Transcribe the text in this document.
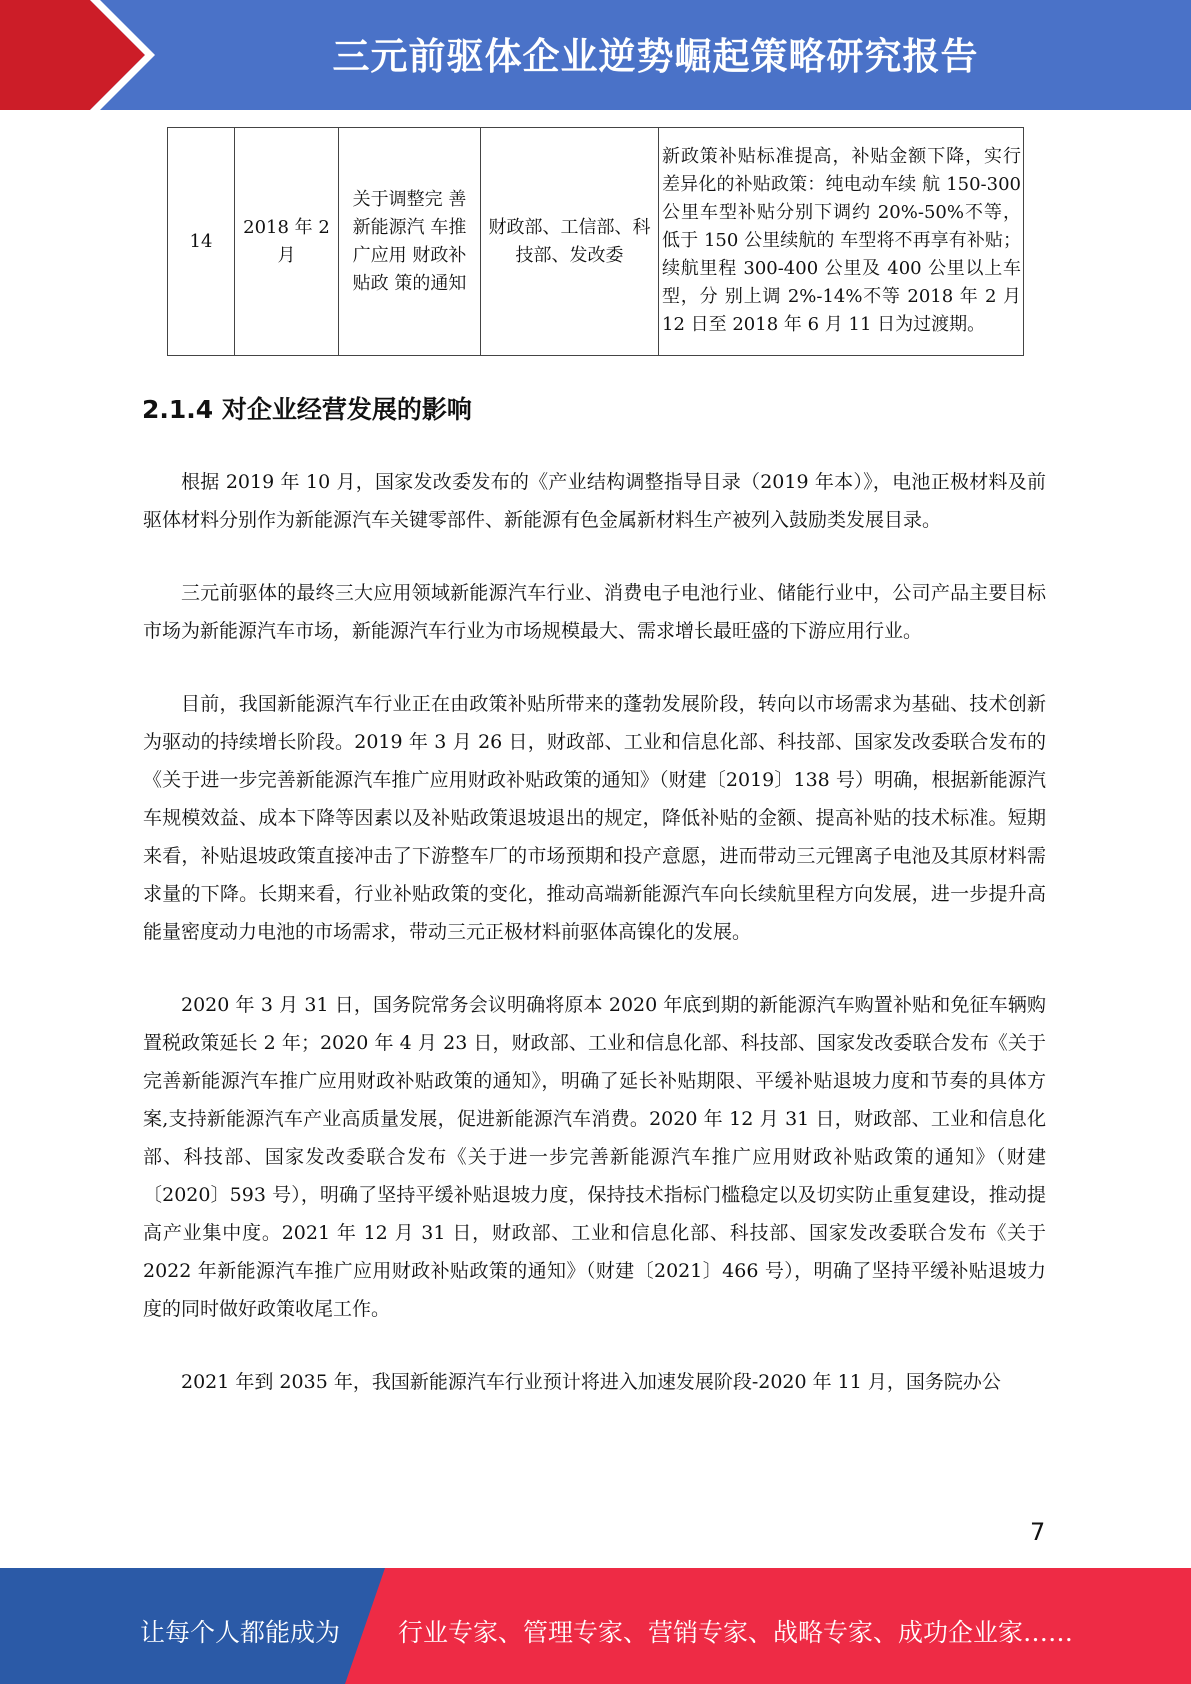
三元前驱体企业逆势崛起策略研究报告
14	2018 年 2 月	关于调整完 善新能源汽 车推广应用 财政补贴政 策的通知	财政部、工信部、科技部、发改委	新政策补贴标准提高，补贴金额下降，实行差异化的补贴政策：纯电动车续 航 150-300 公里车型补贴分别下调约 20%-50%不等，低于 150 公里续航的 车型将不再享有补贴；续航里程 300-400 公里及 400 公里以上车型，分 别上调 2%-14%不等 2018 年 2 月 12 日至 2018 年 6 月 11 日为过渡期。
2.1.4 对企业经营发展的影响

根据 2019 年 10 月，国家发改委发布的《产业结构调整指导目录（2019 年本）》，电池正极材料及前驱体材料分别作为新能源汽车关键零部件、新能源有色金属新材料生产被列入鼓励类发展目录。

三元前驱体的最终三大应用领域新能源汽车行业、消费电子电池行业、储能行业中，公司产品主要目标市场为新能源汽车市场，新能源汽车行业为市场规模最大、需求增长最旺盛的下游应用行业。

目前，我国新能源汽车行业正在由政策补贴所带来的蓬勃发展阶段，转向以市场需求为基础、技术创新为驱动的持续增长阶段。2019 年 3 月 26 日，财政部、工业和信息化部、科技部、国家发改委联合发布的《关于进一步完善新能源汽车推广应用财政补贴政策的通知》（财建〔2019〕138 号）明确，根据新能源汽车规模效益、成本下降等因素以及补贴政策退坡退出的规定，降低补贴的金额、提高补贴的技术标准。短期来看，补贴退坡政策直接冲击了下游整车厂的市场预期和投产意愿，进而带动三元锂离子电池及其原材料需求量的下降。长期来看，行业补贴政策的变化，推动高端新能源汽车向长续航里程方向发展，进一步提升高能量密度动力电池的市场需求，带动三元正极材料前驱体高镍化的发展。

2020 年 3 月 31 日，国务院常务会议明确将原本 2020 年底到期的新能源汽车购置补贴和免征车辆购置税政策延长 2 年；2020 年 4 月 23 日，财政部、工业和信息化部、科技部、国家发改委联合发布《关于完善新能源汽车推广应用财政补贴政策的通知》，明确了延长补贴期限、平缓补贴退坡力度和节奏的具体方案,支持新能源汽车产业高质量发展，促进新能源汽车消费。2020 年 12 月 31 日，财政部、工业和信息化部、科技部、国家发改委联合发布《关于进一步完善新能源汽车推广应用财政补贴政策的通知》（财建〔2020〕593 号），明确了坚持平缓补贴退坡力度，保持技术指标门槛稳定以及切实防止重复建设，推动提高产业集中度。2021 年 12 月 31 日，财政部、工业和信息化部、科技部、国家发改委联合发布《关于 2022 年新能源汽车推广应用财政补贴政策的通知》（财建〔2021〕466 号），明确了坚持平缓补贴退坡力度的同时做好政策收尾工作。

2021 年到 2035 年，我国新能源汽车行业预计将进入加速发展阶段-2020 年 11 月，国务院办公

7
让每个人都能成为 行业专家、管理专家、营销专家、战略专家、成功企业家……
